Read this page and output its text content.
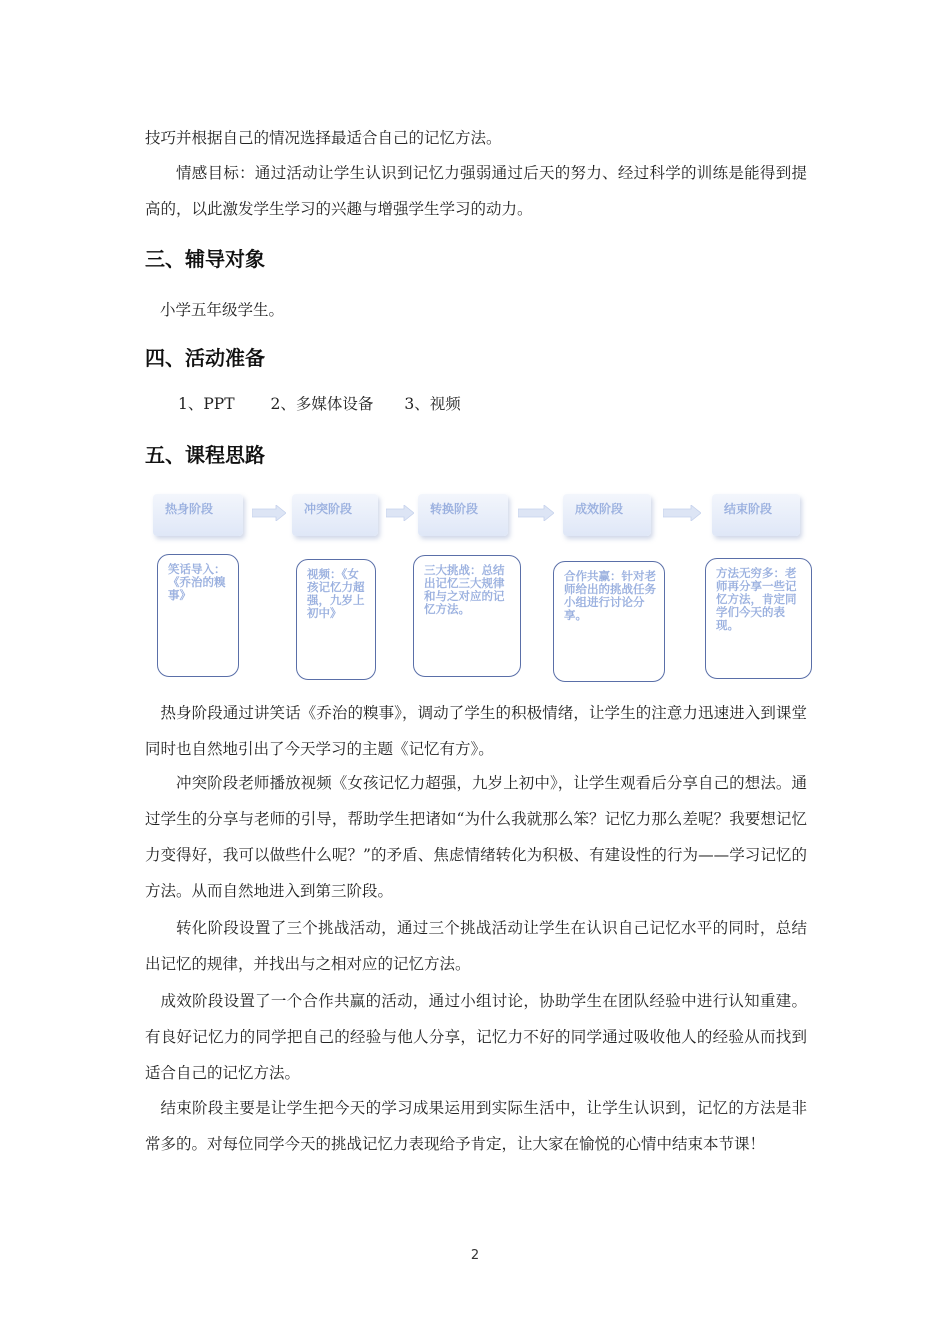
技巧并根据自己的情况选择最适合自己的记忆方法。

情感目标：通过活动让学生认识到记忆力强弱通过后天的努力、经过科学的训练是能得到提高的，以此激发学生学习的兴趣与增强学生学习的动力。

三、辅导对象

小学五年级学生。

四、活动准备

1、PPT　　 2、多媒体设备　　3、视频

五、课程思路
热身阶段	冲突阶段	转换阶段	成效阶段	结束阶段
笑话导入：《乔治的糗事》
视频：《女孩记忆力超强，九岁上初中》
三大挑战：总结出记忆三大规律和与之对应的记忆方法。
合作共赢：针对老师给出的挑战任务小组进行讨论分享。
方法无穷多：老师再分享一些记忆方法，肯定同学们今天的表现。

热身阶段通过讲笑话《乔治的糗事》，调动了学生的积极情绪，让学生的注意力迅速进入到课堂同时也自然地引出了今天学习的主题《记忆有方》。

冲突阶段老师播放视频《女孩记忆力超强，九岁上初中》，让学生观看后分享自己的想法。通过学生的分享与老师的引导，帮助学生把诸如“为什么我就那么笨？记忆力那么差呢？我要想记忆力变得好，我可以做些什么呢？”的矛盾、焦虑情绪转化为积极、有建设性的行为——学习记忆的方法。从而自然地进入到第三阶段。

转化阶段设置了三个挑战活动，通过三个挑战活动让学生在认识自己记忆水平的同时，总结出记忆的规律，并找出与之相对应的记忆方法。

成效阶段设置了一个合作共赢的活动，通过小组讨论，协助学生在团队经验中进行认知重建。有良好记忆力的同学把自己的经验与他人分享，记忆力不好的同学通过吸收他人的经验从而找到适合自己的记忆方法。

结束阶段主要是让学生把今天的学习成果运用到实际生活中，让学生认识到，记忆的方法是非常多的。对每位同学今天的挑战记忆力表现给予肯定，让大家在愉悦的心情中结束本节课！

2
